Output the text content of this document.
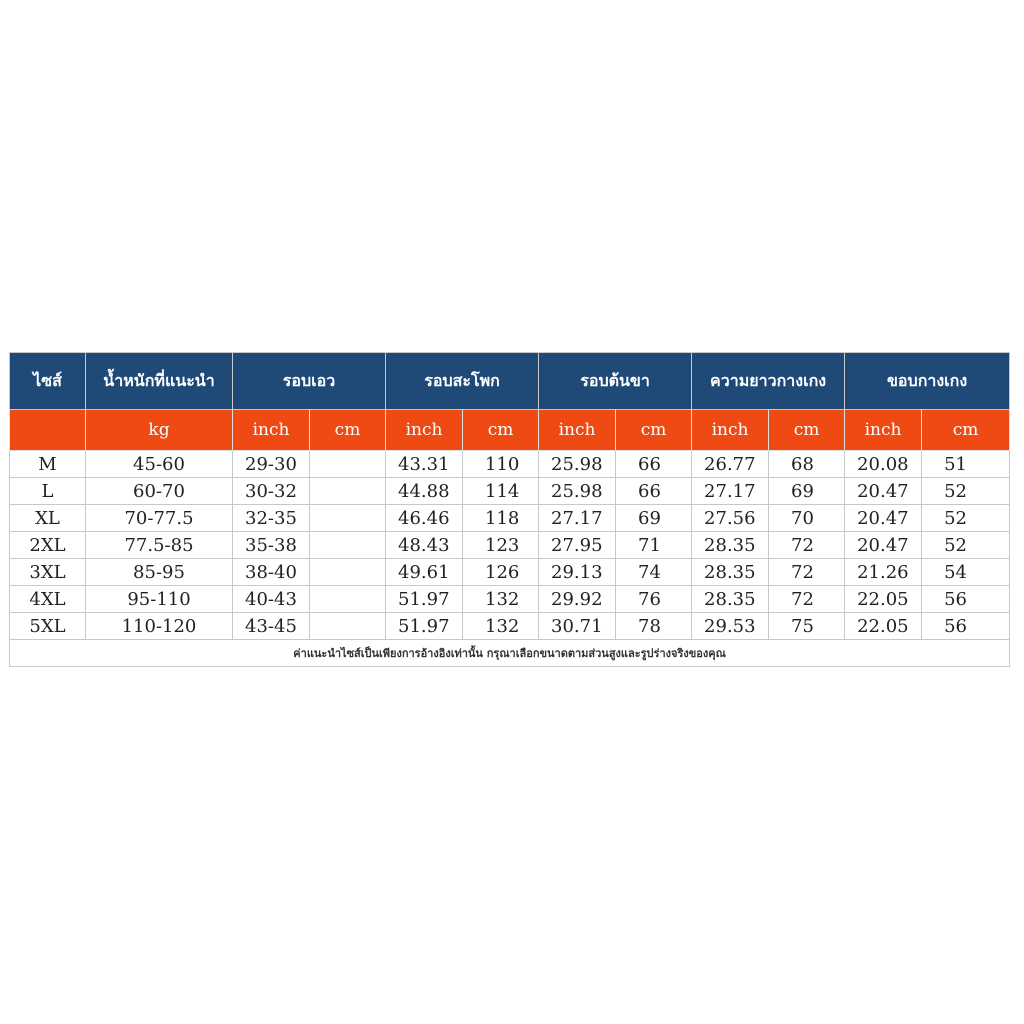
ไซส์	น้ำหนักที่แนะนำ	รอบเอว		รอบสะโพก		รอบต้นขา		ความยาวกางเกง		ขอบกางเกง	
	kg	inch	cm	inch	cm	inch	cm	inch	cm	inch	cm
M	45-60	29-30		43.31	110	25.98	66	26.77	68	20.08	51
L	60-70	30-32		44.88	114	25.98	66	27.17	69	20.47	52
XL	70-77.5	32-35		46.46	118	27.17	69	27.56	70	20.47	52
2XL	77.5-85	35-38		48.43	123	27.95	71	28.35	72	20.47	52
3XL	85-95	38-40		49.61	126	29.13	74	28.35	72	21.26	54
4XL	95-110	40-43		51.97	132	29.92	76	28.35	72	22.05	56
5XL	110-120	43-45		51.97	132	30.71	78	29.53	75	22.05	56
ค่าแนะนำไซส์เป็นเพียงการอ้างอิงเท่านั้น กรุณาเลือกขนาดตามส่วนสูงและรูปร่างจริงของคุณ											
